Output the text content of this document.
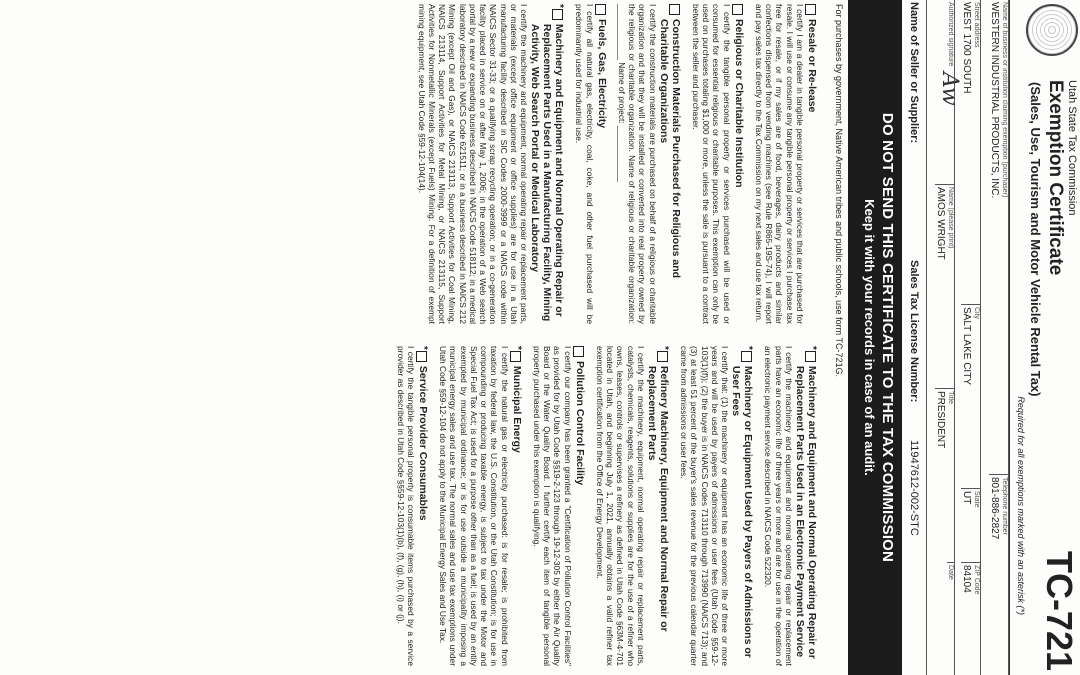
Utah State Tax Commission
Exemption Certificate
(Sales, Use, Tourism and Motor Vehicle Rental Tax)
TC-721
Required for all exemptions marked with an asterisk (*)
Name of business or institution claiming exemption (purchaser)
WESTERN INDUSTRIAL PRODUCTS, INC.
Telephone number
801-886-2827
Street address
WEST 1700 SOUTH
City
SALT LAKE CITY
State
UT
ZIP Code
84104
Authorized signature
Name (please print)
AMOS WRIGHT
Title
PRESIDENT
Date
Name of Seller or Supplier:
Sales Tax License Number:
11947612-002-STC
Aw
DO NOT SEND THIS CERTIFICATE TO THE TAX COMMISSION
Keep it with your records in case of an audit.
For purchases by government, Native American tribes and public schools, use form TC-721G.
Resale or Re-lease
I certify I am a dealer in tangible personal property or services that are purchased for resale. I will use or consume any tangible personal property or services I purchase tax free for resale, or if my sales are of food, beverages, dairy products and similar confections dispensed from vending machines (see Rule R865-19S-74), I will report and pay sales tax directly to the Tax Commission on my next sales and use tax return.
Religious or Charitable Institution
I certify the tangible personal property or services purchased will be used or consumed for essential religious or charitable purposes. This exemption can only be used on purchases totaling $1,000 or more, unless the sale is pursuant to a contract between the seller and purchaser.
Construction Materials Purchased for Religious and Charitable Organizations
I certify the construction materials are purchased on behalf of a religious or charitable organization and that they will be installed or converted into real property owned by the religious or charitable organization. Name of religious or charitable organization: ____________ Name of project: ____________
Fuels, Gas, Electricity
I certify all natural gas, electricity, coal, coke, and other fuel purchased will be predominantly used for industrial use.
*
Machinery and Equipment and Normal Operating Repair or Replacement Parts Used in a Manufacturing Facility, Mining Activity, Web Search Portal or Medical Laboratory
I certify the machinery and equipment, normal operating repair or replacement parts, or materials (except office equipment or office supplies) are for use in a Utah manufacturing facility described in SIC Codes 2000-3999 or a NAICS code within NAICS Sector 31-33; or a qualifying scrap recycling operation; or in a co-generation facility placed in service on or after May 1, 2006; in the operation of a Web search portal by a new or expanding business described in NAICS Code 518112; in a medical laboratory described in NAICS Code 621511; or in a business described in NAICS 212 Mining (except Oil and Gas), or NAICS 213113, Support Activities for Coal Mining, NAICS 213114, Support Activities for Metal Mining, or NAICS 213115, Support Activities for Nonmetallic Minerals (except Fuels) Mining. For a definition of exempt mining equipment, see Utah Code §59-12-104(14).
*
Machinery and Equipment and Normal Operating Repair or Replacement Parts Used in an Electronic Payment Service
I certify the machinery and equipment and normal operating repair or replacement parts have an economic life of three years or more and are for use in the operation of an electronic payment service described in NAICS Code 522320.
*
Machinery or Equipment Used by Payers of Admissions or User Fees
I certify that: (1) the machinery or equipment has an economic life of three or more years and will be used by payers of admissions or user fees (Utah Code §59-12-103(1)(f)); (2) the buyer is in NAICS Codes 713110 through 713990 (NAICS 713); and (3) at least 51 percent of the buyer's sales revenue for the previous calendar quarter came from admissions or user fees.
*
Refinery Machinery, Equipment and Normal Repair or Replacement Parts
I certify the machinery, equipment, normal operating repair or replacement parts, catalysts, chemicals, reagents, solutions or supplies are for the use of a refiner who owns, leases, controls or supervises a refinery as defined in Utah Code §63M-4-701 located in Utah, and beginning July 1, 2021, annually obtains a valid refiner tax exemption certification from the Office of Energy Development.
Pollution Control Facility
I certify our company has been granted a "Certification of Pollution Control Facilities" as provided for by Utah Code §§19-2-123 through 19-12-305 by either the Air Quality Board or the Water Quality Board. I further certify each item of tangible personal property purchased under this exemption is qualifying.
*
Municipal Energy
I certify the natural gas or electricity purchased: is for resale; is prohibited from taxation by federal law, the U.S. Constitution, or the Utah Constitution; is for use in compounding or producing taxable energy, is subject to tax under the Motor and Special Fuel Tax Act; is used for a purpose other than as a fuel; is used by an entity exempted by municipal ordinance; or is for use outside a municipality imposing a municipal energy sales and use tax. The normal sales and use tax exemptions under Utah Code §59-12-104 do not apply to the Municipal Energy Sales and Use Tax.
*
Service Provider Consumables
I certify the tangible personal property is consumable items purchased by a service provider as described in Utah Code §§59-12-103(1)(b), (f), (g), (h), (i) or (j).
